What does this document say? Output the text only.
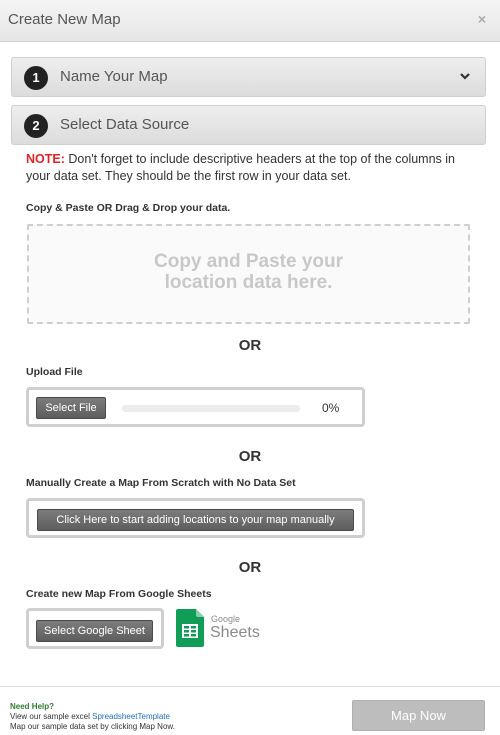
Create New Map	×
1	Name Your Map
2	Select Data Source
NOTE: Don't forget to include descriptive headers at the top of the columns in your data set. They should be the first row in your data set.
Copy & Paste OR Drag & Drop your data.
Copy and Paste your
location data here.
OR
Upload File
Select File	0%
OR
Manually Create a Map From Scratch with No Data Set
Click Here to start adding locations to your map manually
OR
Create new Map From Google Sheets
Select Google Sheet
Google
Sheets
Need Help?
View our sample excel SpreadsheetTemplate
Map our sample data set by clicking Map Now.
Map Now
